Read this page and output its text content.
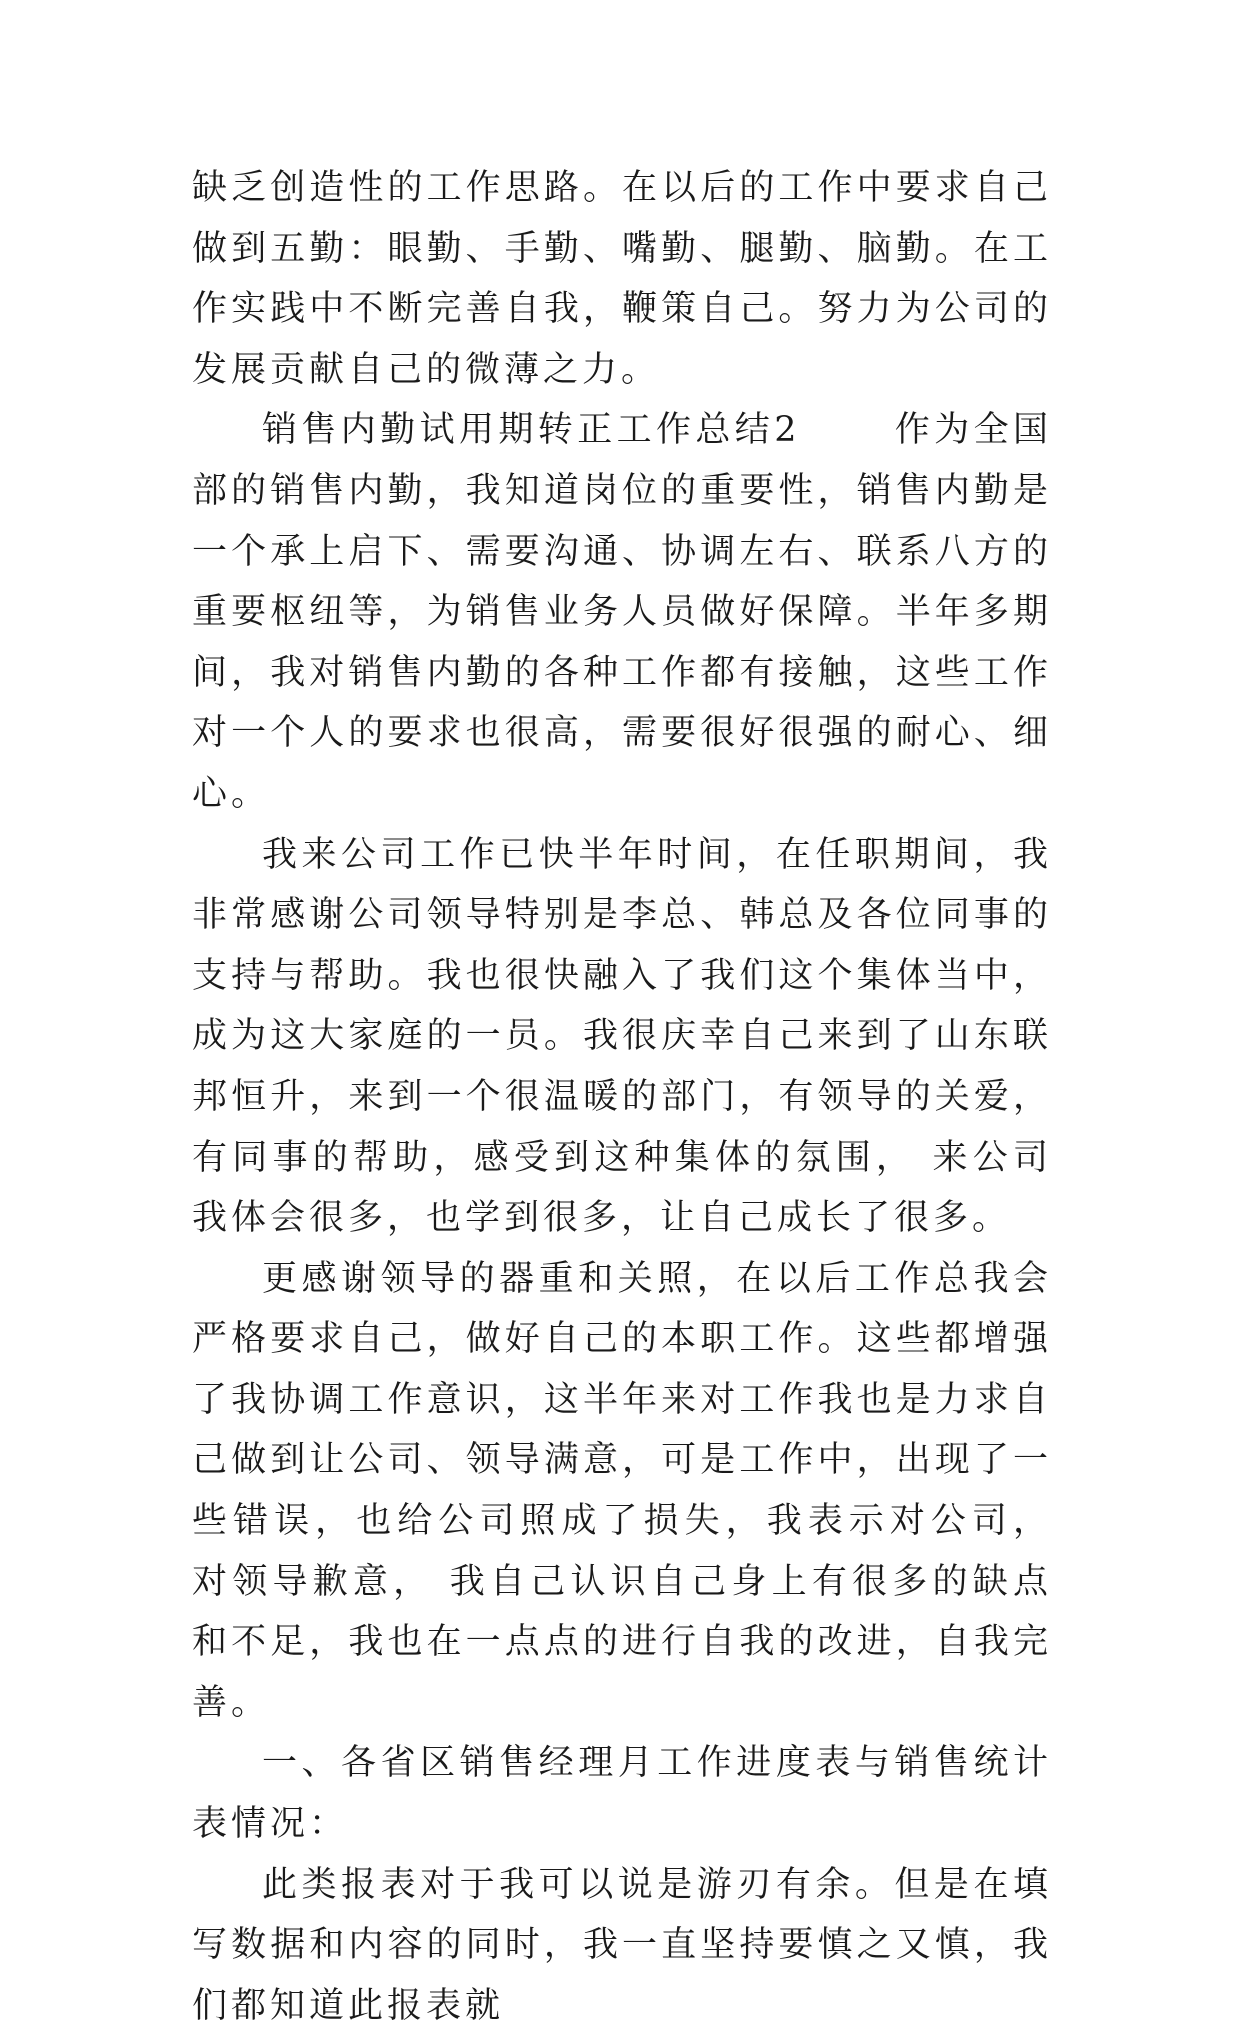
缺乏创造性的工作思路。在以后的工作中要求自己做到五勤：眼勤、手勤、嘴勤、腿勤、脑勤。在工作实践中不断完善自我，鞭策自己。努力为公司的发展贡献自己的微薄之力。

销售内勤试用期转正工作总结2 　　作为全国部的销售内勤，我知道岗位的重要性，销售内勤是一个承上启下、需要沟通、协调左右、联系八方的重要枢纽等，为销售业务人员做好保障。半年多期间，我对销售内勤的各种工作都有接触，这些工作对一个人的要求也很高，需要很好很强的耐心、细心。

我来公司工作已快半年时间，在任职期间，我非常感谢公司领导特别是李总、韩总及各位同事的支持与帮助。我也很快融入了我们这个集体当中，成为这大家庭的一员。我很庆幸自己来到了山东联邦恒升，来到一个很温暖的部门，有领导的关爱，有同事的帮助，感受到这种集体的氛围， 来公司我体会很多，也学到很多，让自己成长了很多。

更感谢领导的器重和关照，在以后工作总我会严格要求自己，做好自己的本职工作。这些都增强了我协调工作意识，这半年来对工作我也是力求自己做到让公司、领导满意，可是工作中，出现了一些错误，也给公司照成了损失，我表示对公司， 对领导歉意， 我自己认识自己身上有很多的缺点和不足，我也在一点点的进行自我的改进，自我完善。

一、各省区销售经理月工作进度表与销售统计表情况：

此类报表对于我可以说是游刃有余。但是在填写数据和内容的同时，我一直坚持要慎之又慎，我们都知道此报表就
